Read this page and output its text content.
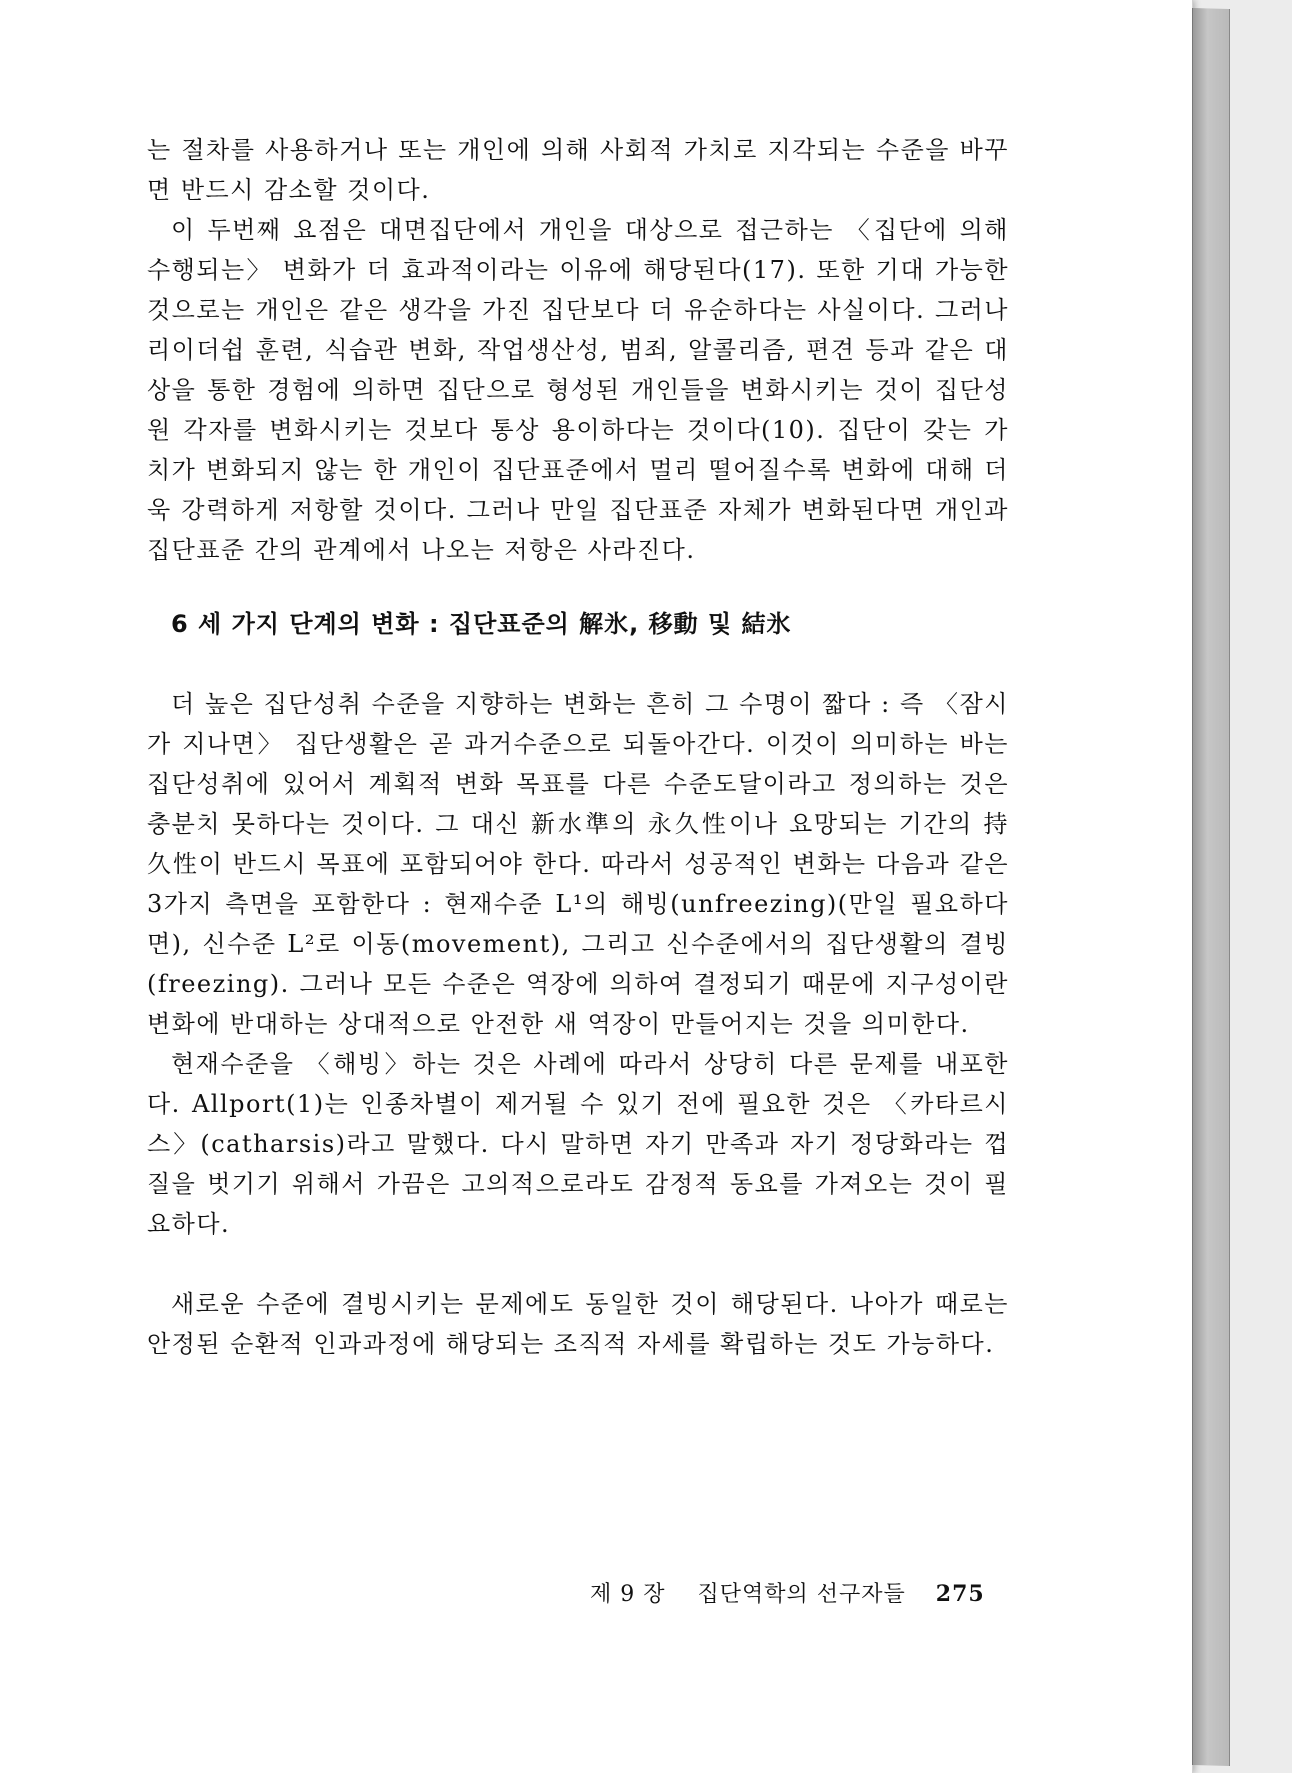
는 절차를 사용하거나 또는 개인에 의해 사회적 가치로 지각되는 수준을 바꾸면 반드시 감소할 것이다.

이 두번째 요점은 대면집단에서 개인을 대상으로 접근하는 〈집단에 의해 수행되는〉 변화가 더 효과적이라는 이유에 해당된다(17). 또한 기대 가능한 것으로는 개인은 같은 생각을 가진 집단보다 더 유순하다는 사실이다. 그러나 리이더쉽 훈련, 식습관 변화, 작업생산성, 범죄, 알콜리즘, 편견 등과 같은 대상을 통한 경험에 의하면 집단으로 형성된 개인들을 변화시키는 것이 집단성원 각자를 변화시키는 것보다 통상 용이하다는 것이다(10). 집단이 갖는 가치가 변화되지 않는 한 개인이 집단표준에서 멀리 떨어질수록 변화에 대해 더욱 강력하게 저항할 것이다. 그러나 만일 집단표준 자체가 변화된다면 개인과 집단표준 간의 관계에서 나오는 저항은 사라진다.

6 세 가지 단계의 변화 : 집단표준의 解氷, 移動 및 結氷

더 높은 집단성취 수준을 지향하는 변화는 흔히 그 수명이 짧다 : 즉 〈잠시가 지나면〉 집단생활은 곧 과거수준으로 되돌아간다. 이것이 의미하는 바는 집단성취에 있어서 계획적 변화 목표를 다른 수준도달이라고 정의하는 것은 충분치 못하다는 것이다. 그 대신 新水準의 永久性이나 요망되는 기간의 持久性이 반드시 목표에 포함되어야 한다. 따라서 성공적인 변화는 다음과 같은 3가지 측면을 포함한다 : 현재수준 L¹의 해빙(unfreezing)(만일 필요하다면), 신수준 L²로 이동(movement), 그리고 신수준에서의 집단생활의 결빙(freezing). 그러나 모든 수준은 역장에 의하여 결정되기 때문에 지구성이란 변화에 반대하는 상대적으로 안전한 새 역장이 만들어지는 것을 의미한다.

현재수준을 〈해빙〉하는 것은 사례에 따라서 상당히 다른 문제를 내포한다. Allport(1)는 인종차별이 제거될 수 있기 전에 필요한 것은 〈카타르시스〉(catharsis)라고 말했다. 다시 말하면 자기 만족과 자기 정당화라는 껍질을 벗기기 위해서 가끔은 고의적으로라도 감정적 동요를 가져오는 것이 필요하다.

새로운 수준에 결빙시키는 문제에도 동일한 것이 해당된다. 나아가 때로는 안정된 순환적 인과과정에 해당되는 조직적 자세를 확립하는 것도 가능하다.

제 9 장 집단역학의 선구자들 275
